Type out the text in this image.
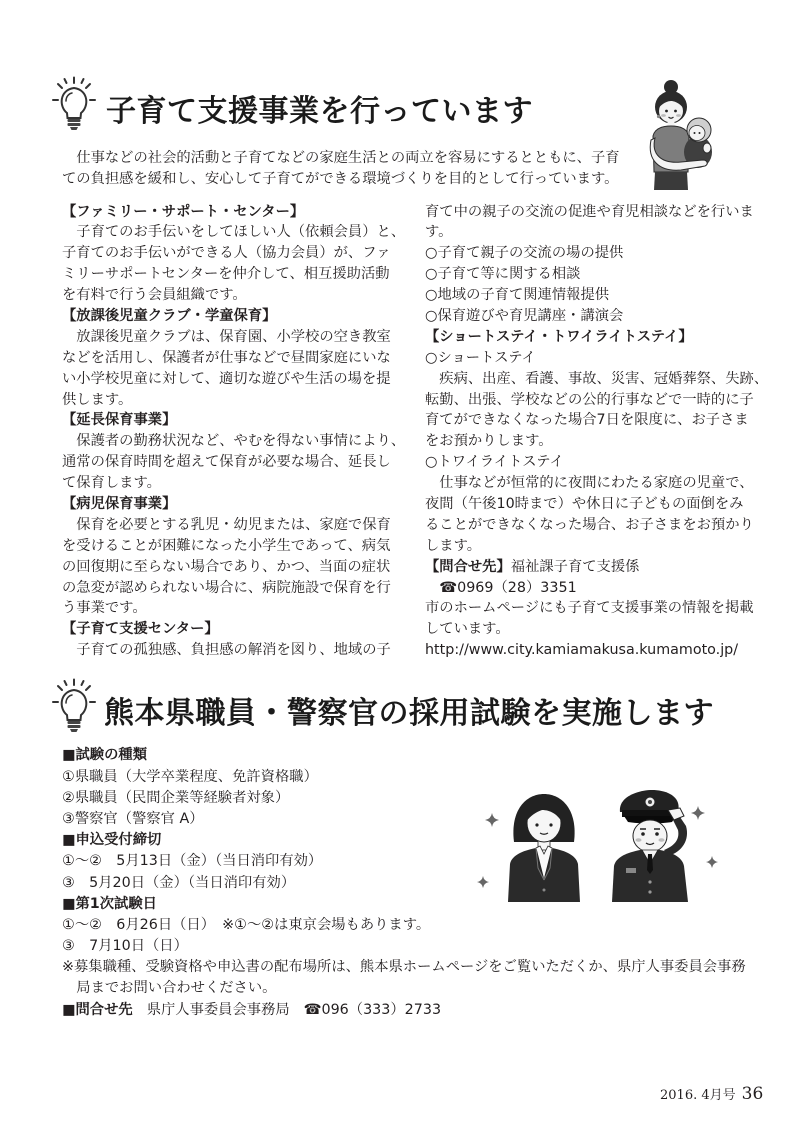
子育て支援事業を行っています
　仕事などの社会的活動と子育てなどの家庭生活との両立を容易にするとともに、子育
ての負担感を緩和し、安心して子育てができる環境づくりを目的として行っています。
【ファミリー・サポート・センター】
　子育てのお手伝いをしてほしい人（依頼会員）と、
子育てのお手伝いができる人（協力会員）が、ファ
ミリーサポートセンターを仲介して、相互援助活動
を有料で行う会員組織です。
【放課後児童クラブ・学童保育】
　放課後児童クラブは、保育園、小学校の空き教室
などを活用し、保護者が仕事などで昼間家庭にいな
い小学校児童に対して、適切な遊びや生活の場を提
供します。
【延長保育事業】
　保護者の勤務状況など、やむを得ない事情により、
通常の保育時間を超えて保育が必要な場合、延長し
て保育します。
【病児保育事業】
　保育を必要とする乳児・幼児または、家庭で保育
を受けることが困難になった小学生であって、病気
の回復期に至らない場合であり、かつ、当面の症状
の急変が認められない場合に、病院施設で保育を行
う事業です。
【子育て支援センター】
　子育ての孤独感、負担感の解消を図り、地域の子
育て中の親子の交流の促進や育児相談などを行いま
す。
○子育て親子の交流の場の提供
○子育て等に関する相談
○地域の子育て関連情報提供
○保育遊びや育児講座・講演会
【ショートステイ・トワイライトステイ】
○ショートステイ
　疾病、出産、看護、事故、災害、冠婚葬祭、失跡、
転勤、出張、学校などの公的行事などで一時的に子
育てができなくなった場合7日を限度に、お子さま
をお預かりします。
○トワイライトステイ
　仕事などが恒常的に夜間にわたる家庭の児童で、
夜間（午後10時まで）や休日に子どもの面倒をみ
ることができなくなった場合、お子さまをお預かり
します。
【問合せ先】福祉課子育て支援係
　☎0969（28）3351
市のホームページにも子育て支援事業の情報を掲載
しています。
http://www.city.kamiamakusa.kumamoto.jp/
熊本県職員・警察官の採用試験を実施します
■試験の種類
①県職員（大学卒業程度、免許資格職）
②県職員（民間企業等経験者対象）
③警察官（警察官 A）
■申込受付締切
①～②　5月13日（金）（当日消印有効）
③　5月20日（金）（当日消印有効）
■第1次試験日
①～②　6月26日（日）　※①～②は東京会場もあります。
③　7月10日（日）
※募集職種、受験資格や申込書の配布場所は、熊本県ホームページをご覧いただくか、県庁人事委員会事務
　局までお問い合わせください。
■問合せ先 県庁人事委員会事務局 ☎096（333）2733
2016. 4月号 36
